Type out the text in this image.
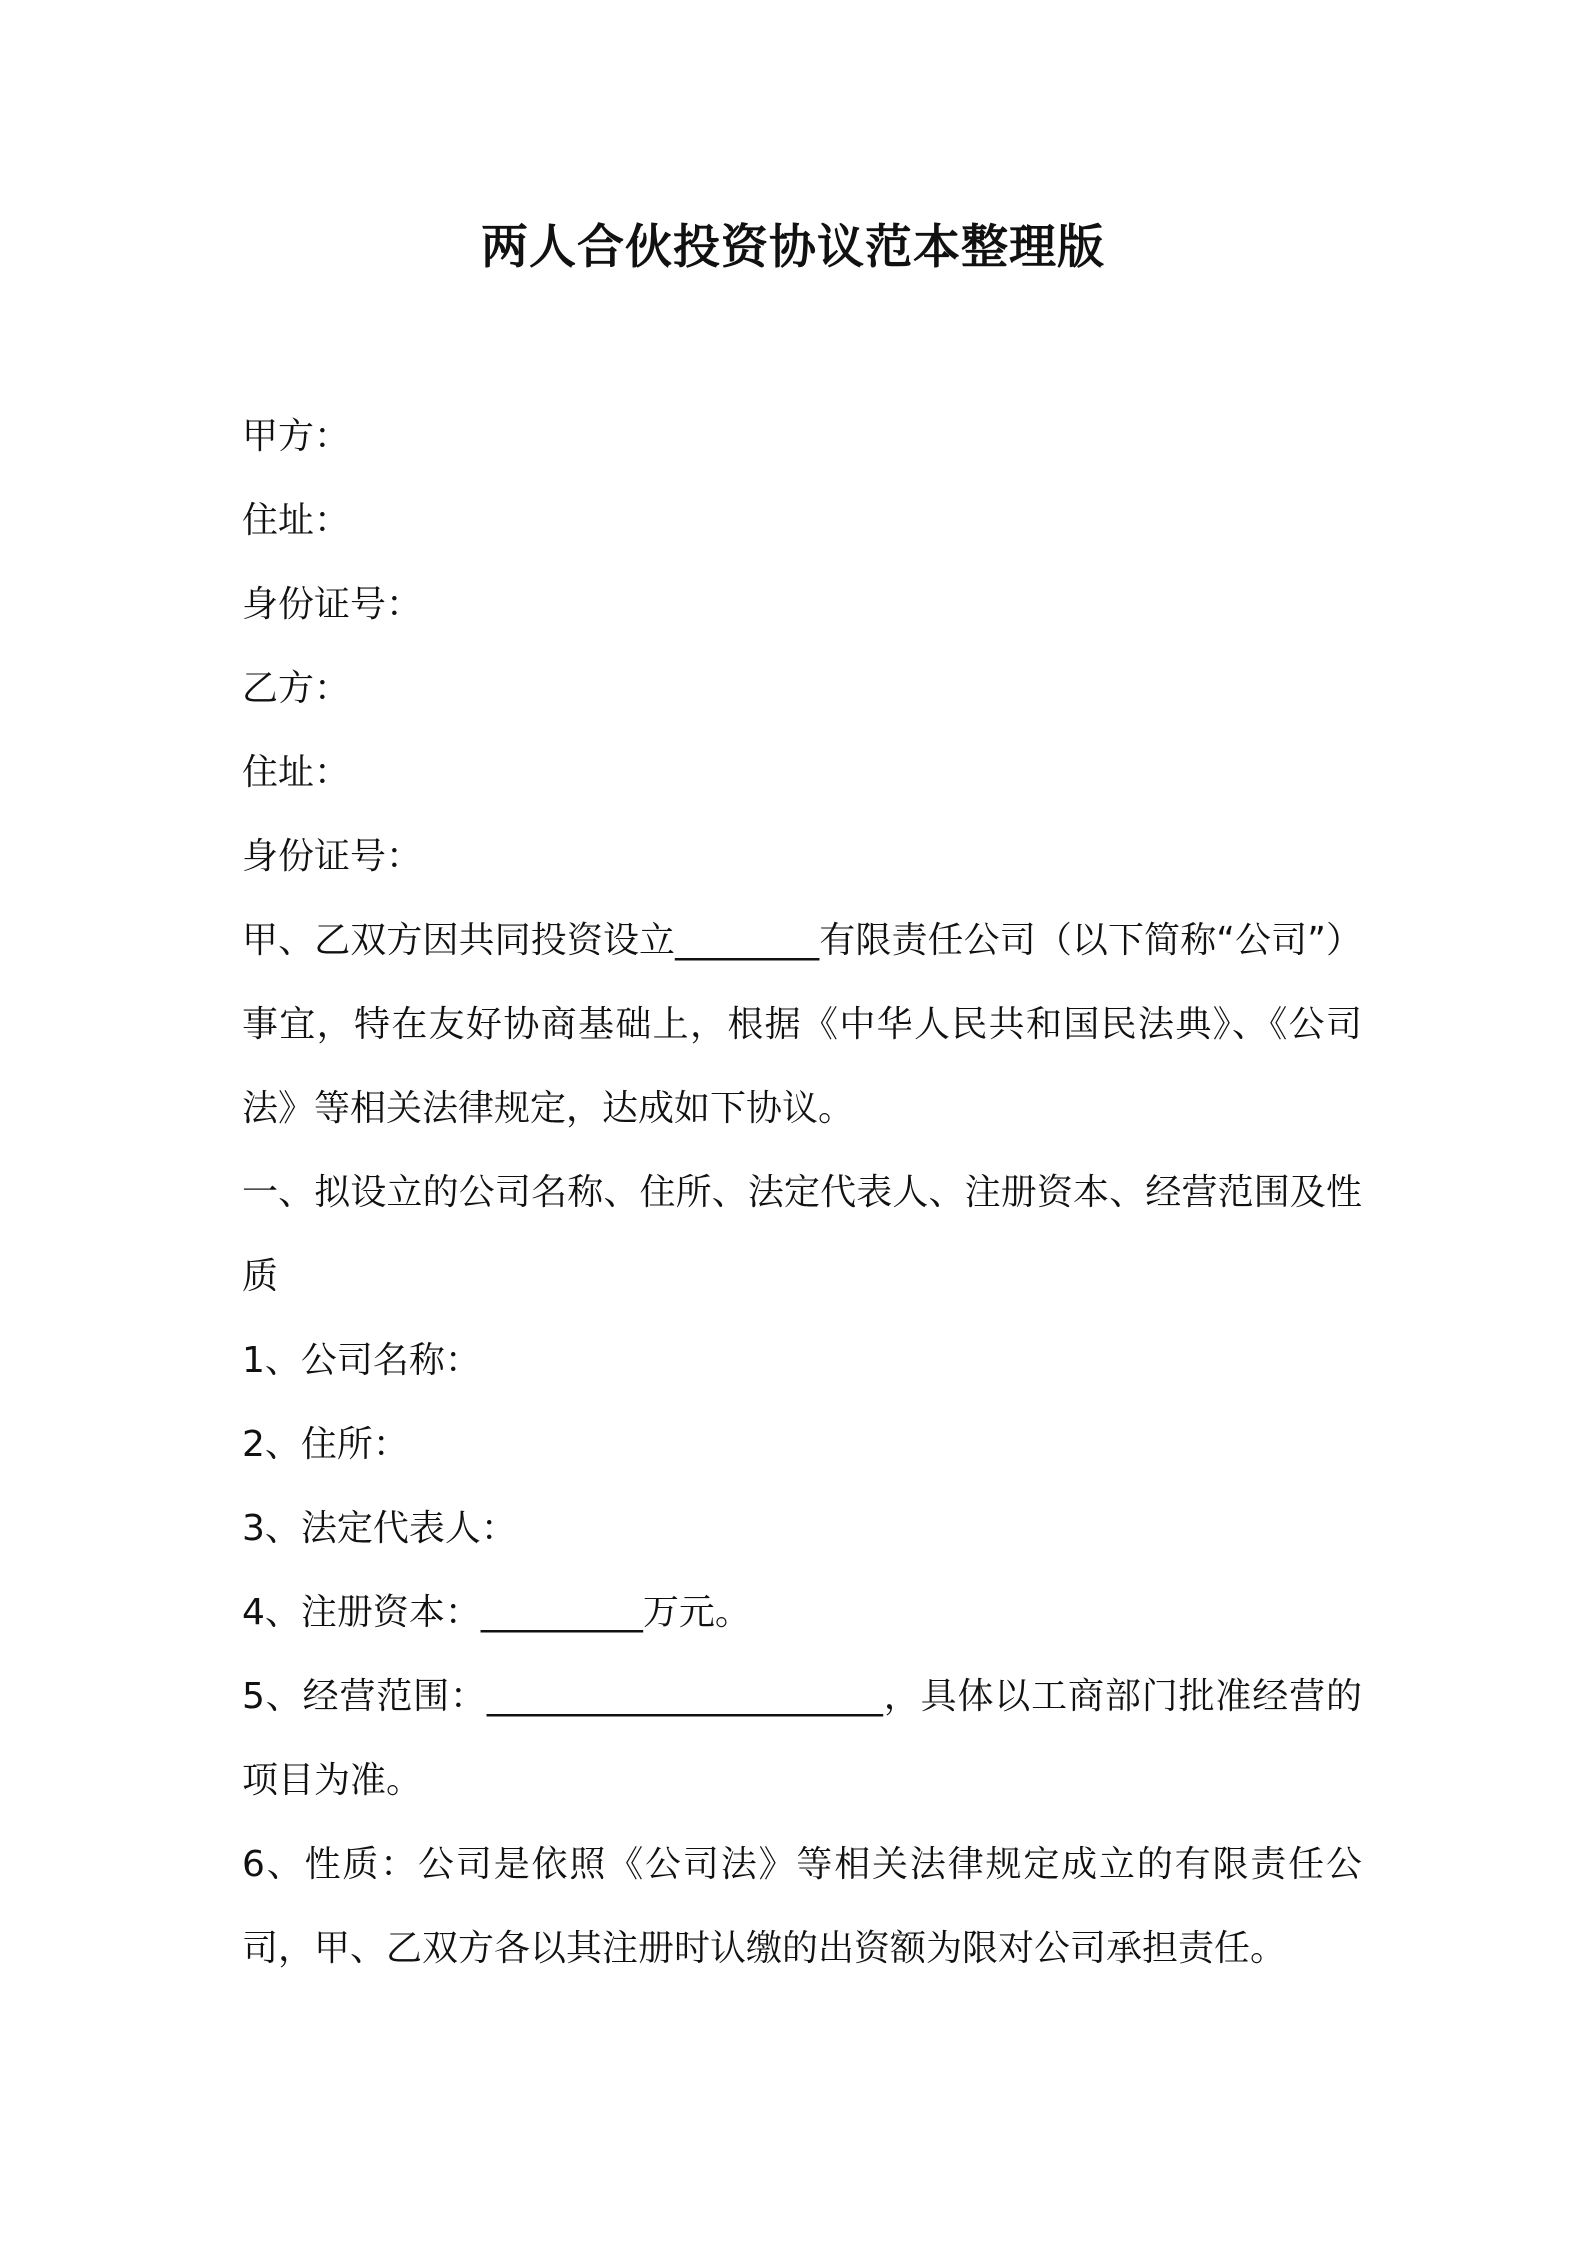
两人合伙投资协议范本整理版

甲方：

住址：

身份证号：

乙方：

住址：

身份证号：

甲、乙双方因共同投资设立________有限责任公司（以下简称“公司”）事宜，特在友好协商基础上，根据《中华人民共和国民法典》、《公司法》等相关法律规定，达成如下协议。

一、拟设立的公司名称、住所、法定代表人、注册资本、经营范围及性质

1、公司名称：

2、住所：

3、法定代表人：

4、注册资本：_________万元。

5、经营范围：______________________，具体以工商部门批准经营的项目为准。

6、性质：公司是依照《公司法》等相关法律规定成立的有限责任公司，甲、乙双方各以其注册时认缴的出资额为限对公司承担责任。
